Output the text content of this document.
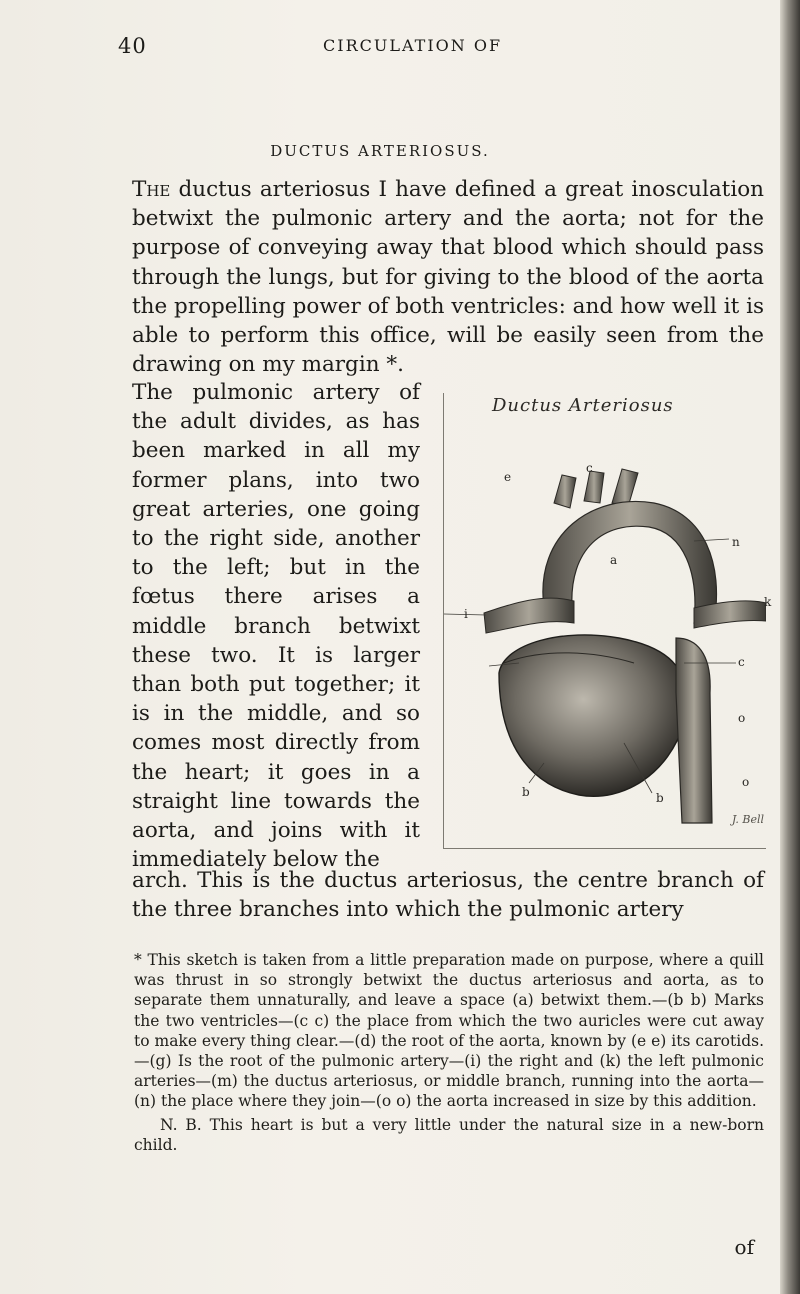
40	CIRCULATION OF
DUCTUS ARTERIOSUS.
The ductus arteriosus I have defined a great inosculation betwixt the pulmonic artery and the aorta; not for the purpose of conveying away that blood which should pass through the lungs, but for giving to the blood of the aorta the propelling power of both ventricles: and how well it is able to perform this office, will be easily seen from the drawing on my margin *.
The pulmonic artery of the adult divides, as has been marked in all my former plans, into two great arteries, one going to the right side, another to the left; but in the fœtus there arises a middle branch betwixt these two. It is larger than both put together; it is in the middle, and so comes most directly from the heart; it goes in a straight line towards the aorta, and joins with it immediately below the
Ductus Arteriosus
e
c
a
n
i
k
c
o
o
b	b
J. Bell
arch. This is the ductus arteriosus, the centre branch of the three branches into which the pulmonic artery
* This sketch is taken from a little preparation made on purpose, where a quill was thrust in so strongly betwixt the ductus arteriosus and aorta, as to separate them unnaturally, and leave a space (a) betwixt them.—(b b) Marks the two ventricles—(c c) the place from which the two auricles were cut away to make every thing clear.—(d) the root of the aorta, known by (e e) its carotids.—(g) Is the root of the pulmonic artery—(i) the right and (k) the left pulmonic arteries—(m) the ductus arteriosus, or middle branch, running into the aorta—(n) the place where they join—(o o) the aorta increased in size by this addition.
N. B. This heart is but a very little under the natural size in a new-born child.
of
